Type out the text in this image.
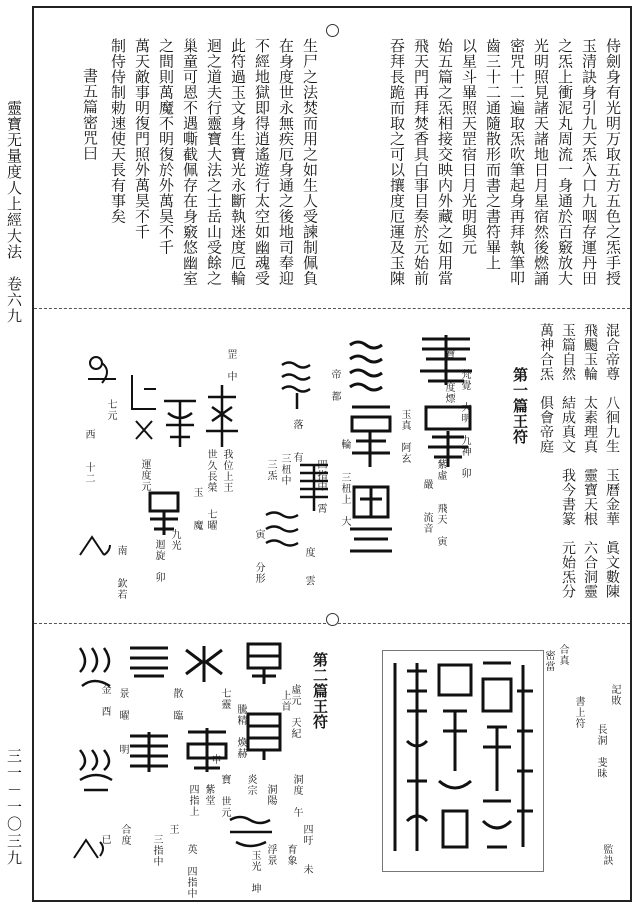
靈寶无量度人上經大法　卷六九
三一－一〇三九
侍劍身有光明万取五方五色之炁手授
玉清訣身引九天炁入口九咽存運丹田
之炁上衝泥丸周流一身通於百竅放大
光明照見諸天諸地日月星宿然後燃誦
密咒十二遍取炁吹筆起身再拜執筆叩
齒三十二通隨散形而書之書符畢上
以星斗畢照天罡宿日月光明與元
始五篇之炁相接交映内外藏之如用當
飛天門再拜焚香具白事目奏於元始前
吞拜長跪而取之可以攘度厄運及玉陳
生尸之法焚而用之如生人受諫制佩負
在身度世永無疾厄身通之後地司奉迎
不經地獄即得逍遙遊行太空如幽魂受
此符過玉文身生寶光永斷執迷度厄輪
迴之道夫行靈寶大法之士岳山受餘之
巢童可恩不遇嘶截佩存在身竅悠幽室
之間則萬魔不明復於外萬昊不千
萬天敵事明復門照外萬昊不千
制侍侍制勅速使天長有事矣
書五篇密咒曰
混合帝尊　八徊九生　玉曆金華　眞文數陳
飛颺玉輪　太素理真　靈寶天根　六合洞靈
玉篇自然　結成真文　我今書篆　元始炁分
萬神合炁　俱會帝庭
第一篇王符
梵覺　大明　九神　卯
寶　　度熛
紫虛　　飛天　寅
嚴　　流音
玉真　阿玄
帝　都
輪　　三杻上　大
四指中　霄
落　　有
三杻中
度
雲
三炁
寅　　分形
罡　中
我位上王
世久長榮
七曜
玉　　魔
九光
迴旋　卯
南　　欽若
運度元
七元
西　　十二
記敗
長洞　斐昧
書上符
合真
密當
監訣
第二篇王符
虛元　天紀
上首
洞度　午
四吁
未
育象
騰精　煥赫
洞陽
炎宗
浮景
玉光　坤
七靈
寶　世元
申
紫堂
四指上
散　臨
英　四指中
景　曜
明
王
三指中
合度
金　酉
已
